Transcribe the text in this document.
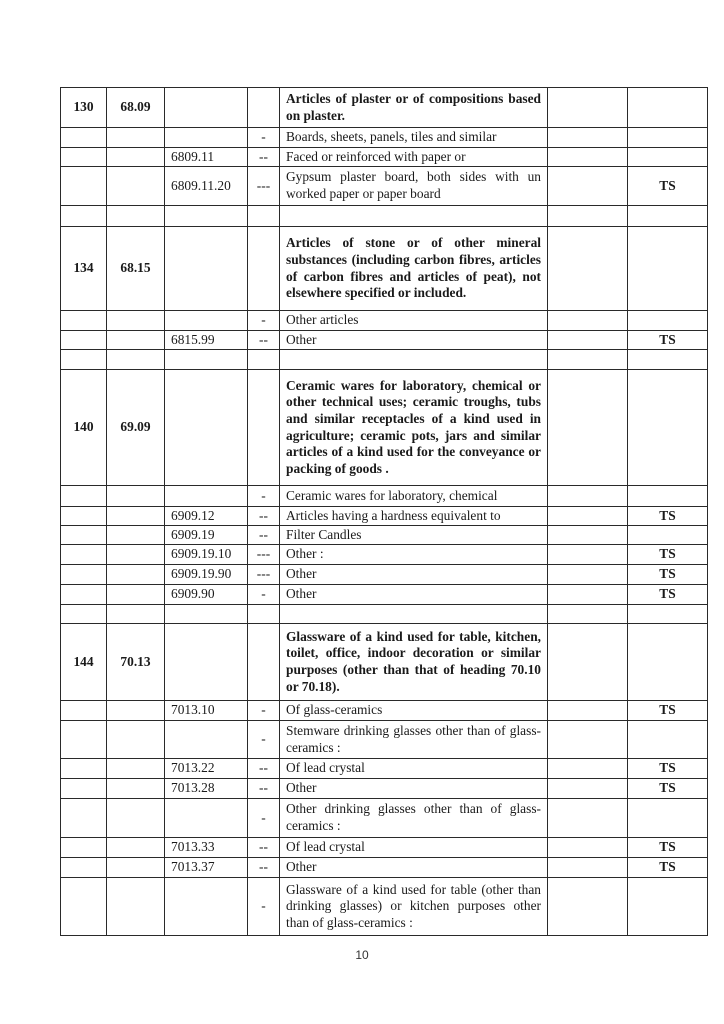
130	68.09			Articles of plaster or of compositions based on plaster.		
			-	Boards, sheets, panels, tiles and similar		
		6809.11	--	Faced or reinforced with paper or		
		6809.11.20	---	Gypsum plaster board, both sides with un worked paper or paper board		TS

134	68.15			Articles of stone or of other mineral substances (including carbon fibres, articles of carbon fibres and articles of peat), not elsewhere specified or included.		
			-	Other articles		
		6815.99	--	Other		TS

140	69.09			Ceramic wares for laboratory, chemical or other technical uses; ceramic troughs, tubs and similar receptacles of a kind used in agriculture; ceramic pots, jars and similar articles of a kind used for the conveyance or packing of goods .		
			-	Ceramic wares for laboratory, chemical		
		6909.12	--	Articles having a hardness equivalent to		TS
		6909.19	--	Filter Candles		
		6909.19.10	---	Other :		TS
		6909.19.90	---	Other		TS
		6909.90	-	Other		TS

144	70.13			Glassware of a kind used for table, kitchen, toilet, office, indoor decoration or similar purposes (other than that of heading 70.10 or 70.18).		
		7013.10	-	Of glass-ceramics		TS
			-	Stemware drinking glasses other than of glass-ceramics :		
		7013.22	--	Of lead crystal		TS
		7013.28	--	Other		TS
			-	Other drinking glasses other than of glass-ceramics :		
		7013.33	--	Of lead crystal		TS
		7013.37	--	Other		TS
			-	Glassware of a kind used for table (other than drinking glasses) or kitchen purposes other than of glass-ceramics :		
10
